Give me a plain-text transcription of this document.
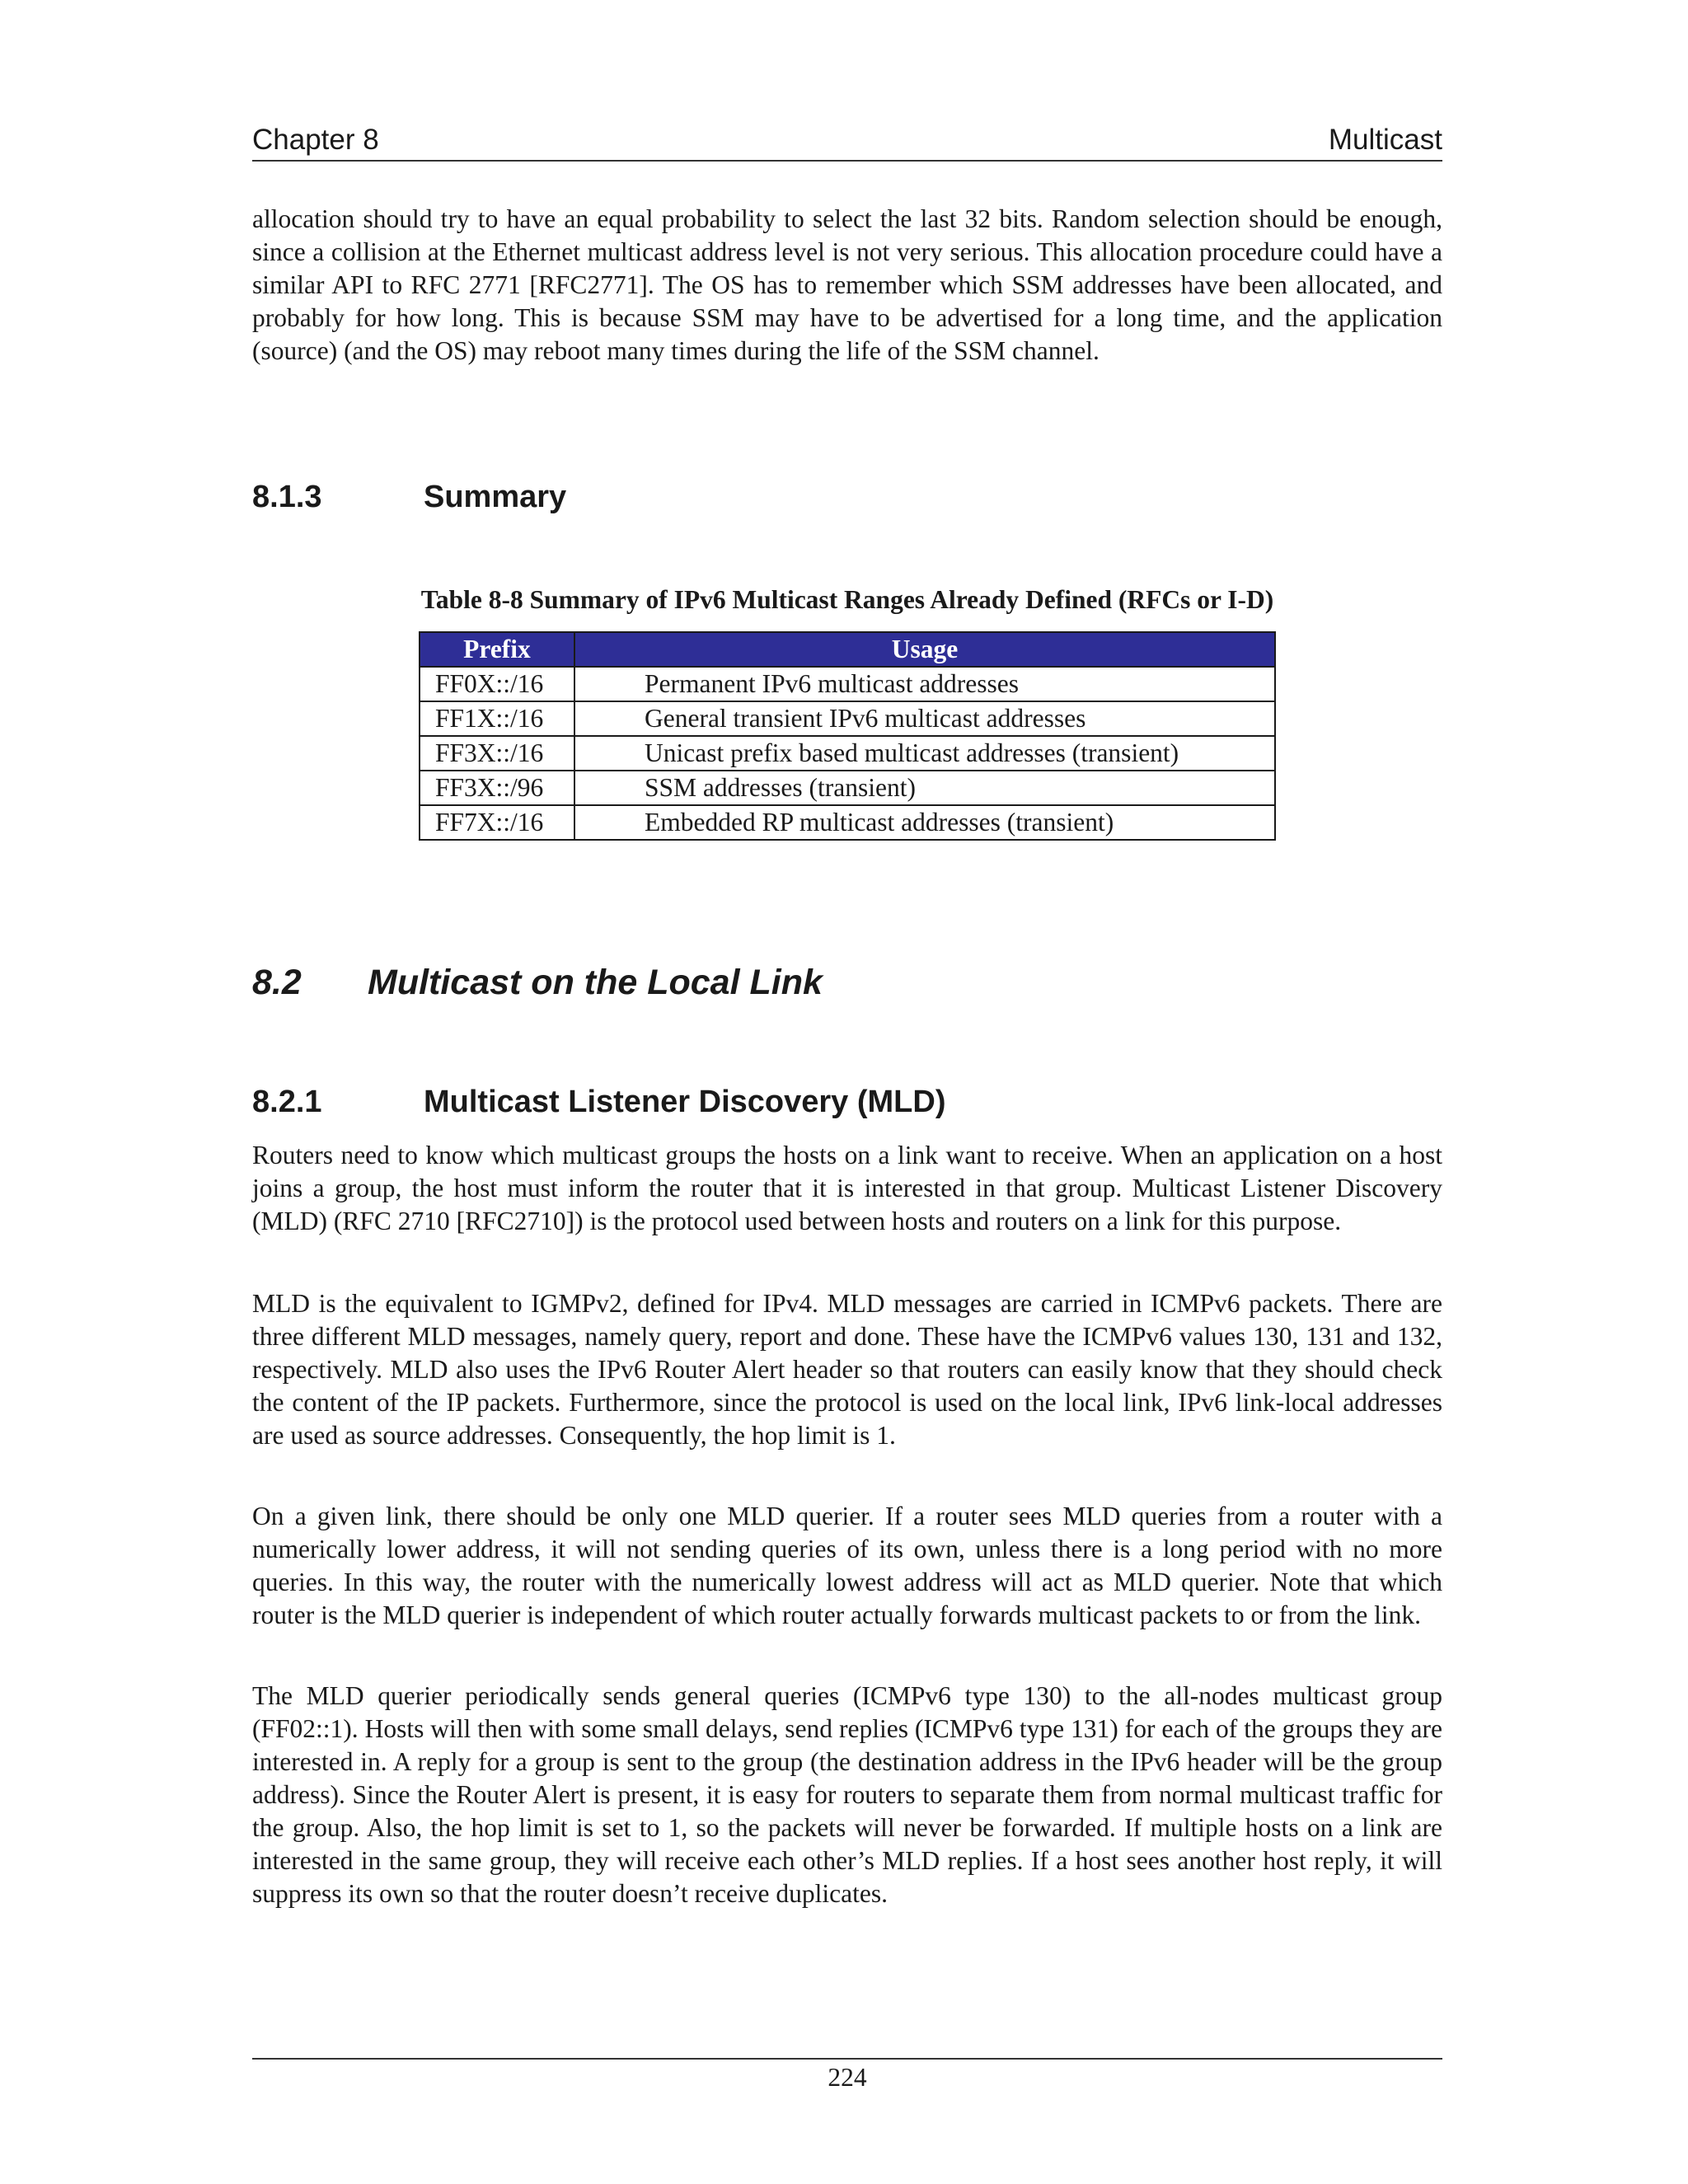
Chapter 8	Multicast

allocation should try to have an equal probability to select the last 32 bits. Random selection should be enough, since a collision at the Ethernet multicast address level is not very serious. This allocation procedure could have a similar API to RFC 2771 [RFC2771]. The OS has to remember which SSM addresses have been allocated, and probably for how long. This is because SSM may have to be advertised for a long time, and the application (source) (and the OS) may reboot many times during the life of the SSM channel.

8.1.3	Summary
Table 8-8 Summary of IPv6 Multicast Ranges Already Defined (RFCs or I-D)
Prefix	Usage
FF0X::/16	Permanent IPv6 multicast addresses
FF1X::/16	General transient IPv6 multicast addresses
FF3X::/16	Unicast prefix based multicast addresses (transient)
FF3X::/96	SSM addresses (transient)
FF7X::/16	Embedded RP multicast addresses (transient)
8.2 Multicast on the Local Link
8.2.1	Multicast Listener Discovery (MLD)

Routers need to know which multicast groups the hosts on a link want to receive. When an application on a host joins a group, the host must inform the router that it is interested in that group. Multicast Listener Discovery (MLD) (RFC 2710 [RFC2710]) is the protocol used between hosts and routers on a link for this purpose.

MLD is the equivalent to IGMPv2, defined for IPv4. MLD messages are carried in ICMPv6 packets. There are three different MLD messages, namely query, report and done. These have the ICMPv6 values 130, 131 and 132, respectively. MLD also uses the IPv6 Router Alert header so that routers can easily know that they should check the content of the IP packets. Furthermore, since the protocol is used on the local link, IPv6 link-local addresses are used as source addresses. Consequently, the hop limit is 1.

On a given link, there should be only one MLD querier. If a router sees MLD queries from a router with a numerically lower address, it will not sending queries of its own, unless there is a long period with no more queries. In this way, the router with the numerically lowest address will act as MLD querier. Note that which router is the MLD querier is independent of which router actually forwards multicast packets to or from the link.

The MLD querier periodically sends general queries (ICMPv6 type 130) to the all-nodes multicast group (FF02::1). Hosts will then with some small delays, send replies (ICMPv6 type 131) for each of the groups they are interested in. A reply for a group is sent to the group (the destination address in the IPv6 header will be the group address). Since the Router Alert is present, it is easy for routers to separate them from normal multicast traffic for the group. Also, the hop limit is set to 1, so the packets will never be forwarded. If multiple hosts on a link are interested in the same group, they will receive each other’s MLD replies. If a host sees another host reply, it will suppress its own so that the router doesn’t receive duplicates.

224
